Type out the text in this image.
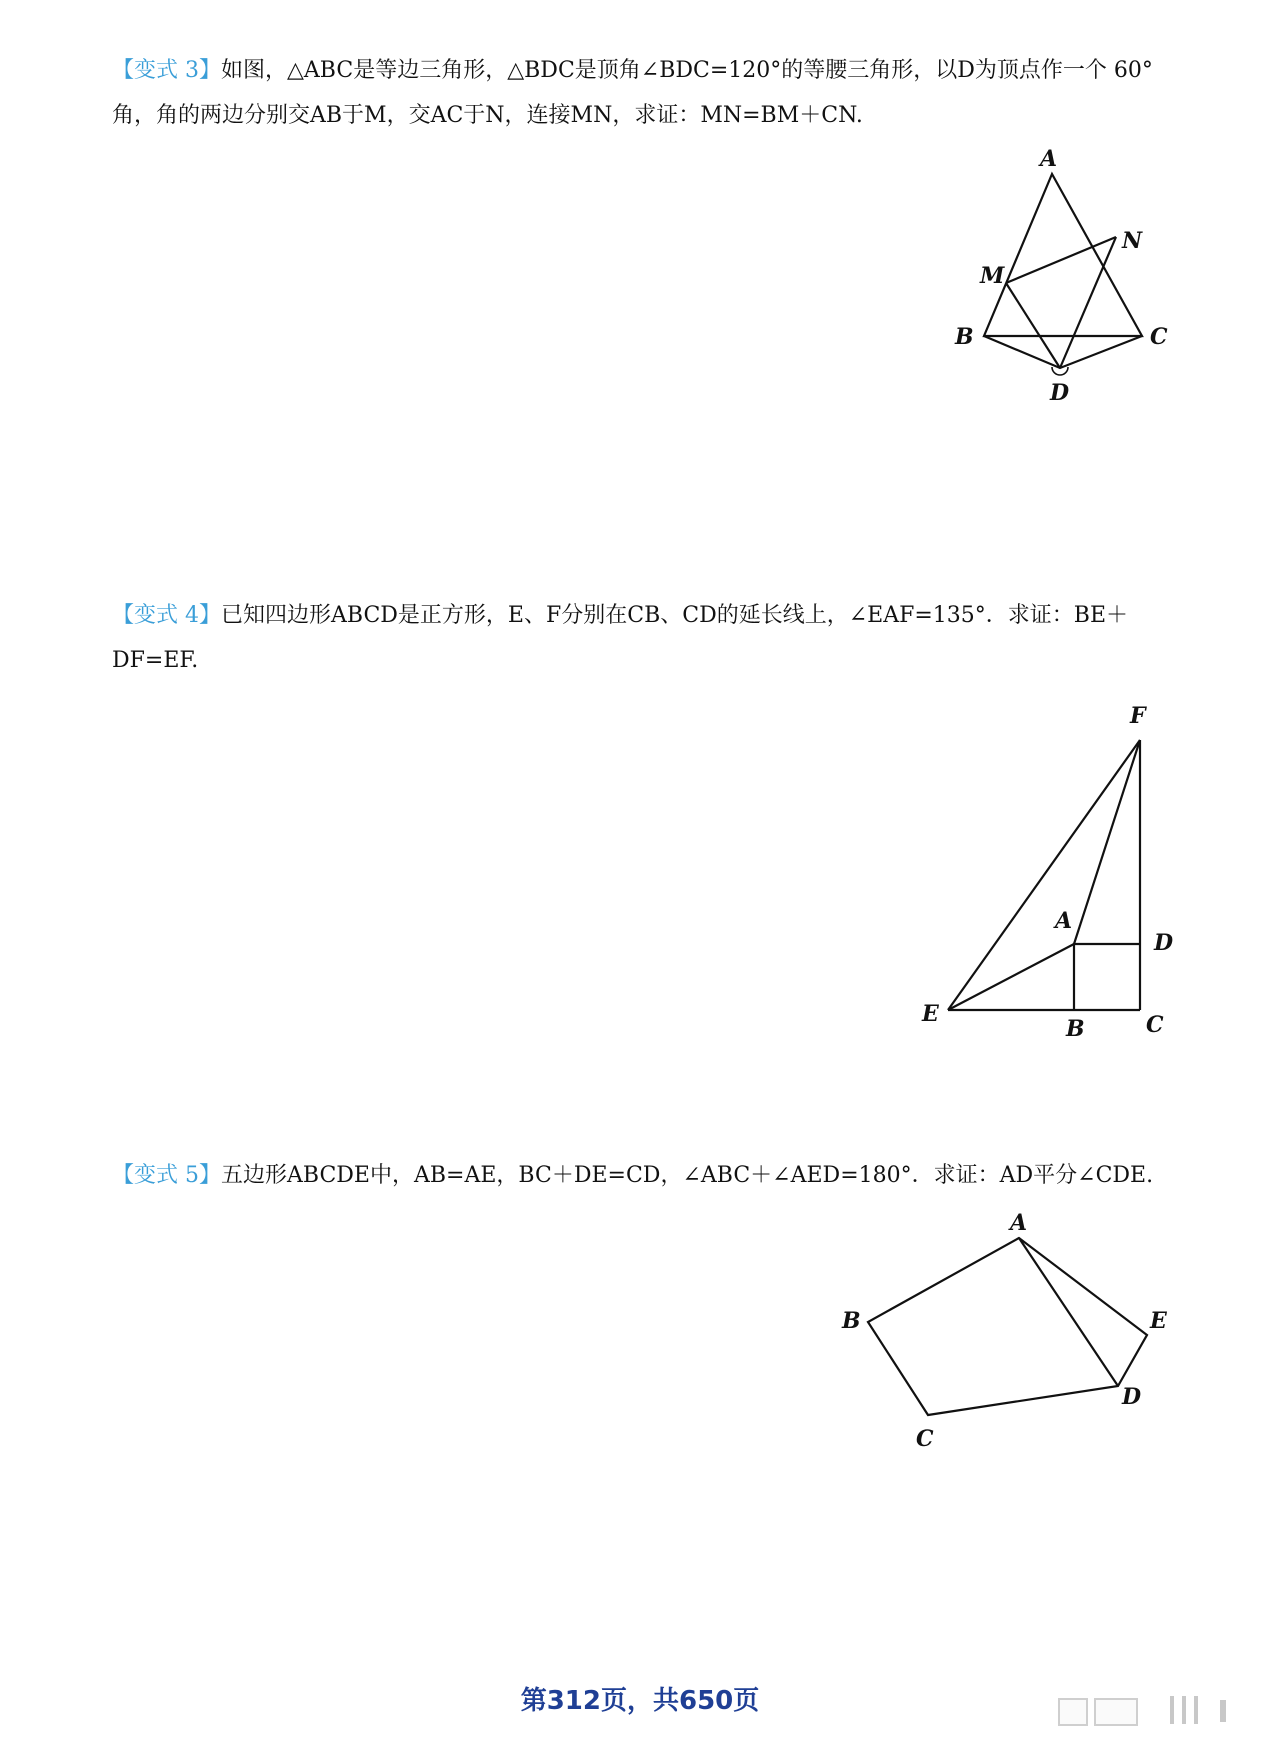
【变式 3】如图，△ABC是等边三角形，△BDC是顶角∠BDC=120°的等腰三角形，以D为顶点作一个 60°角，角的两边分别交AB于M，交AC于N，连接MN，求证：MN=BM＋CN.
A
N
M
B	C
D
【变式 4】已知四边形ABCD是正方形，E、F分别在CB、CD的延长线上，∠EAF=135°．求证：BE＋DF=EF.
F
A
D
E
B	C
【变式 5】五边形ABCDE中，AB=AE，BC＋DE=CD，∠ABC＋∠AED=180°．求证：AD平分∠CDE.
A
B	E
D
C
第312页，共650页
